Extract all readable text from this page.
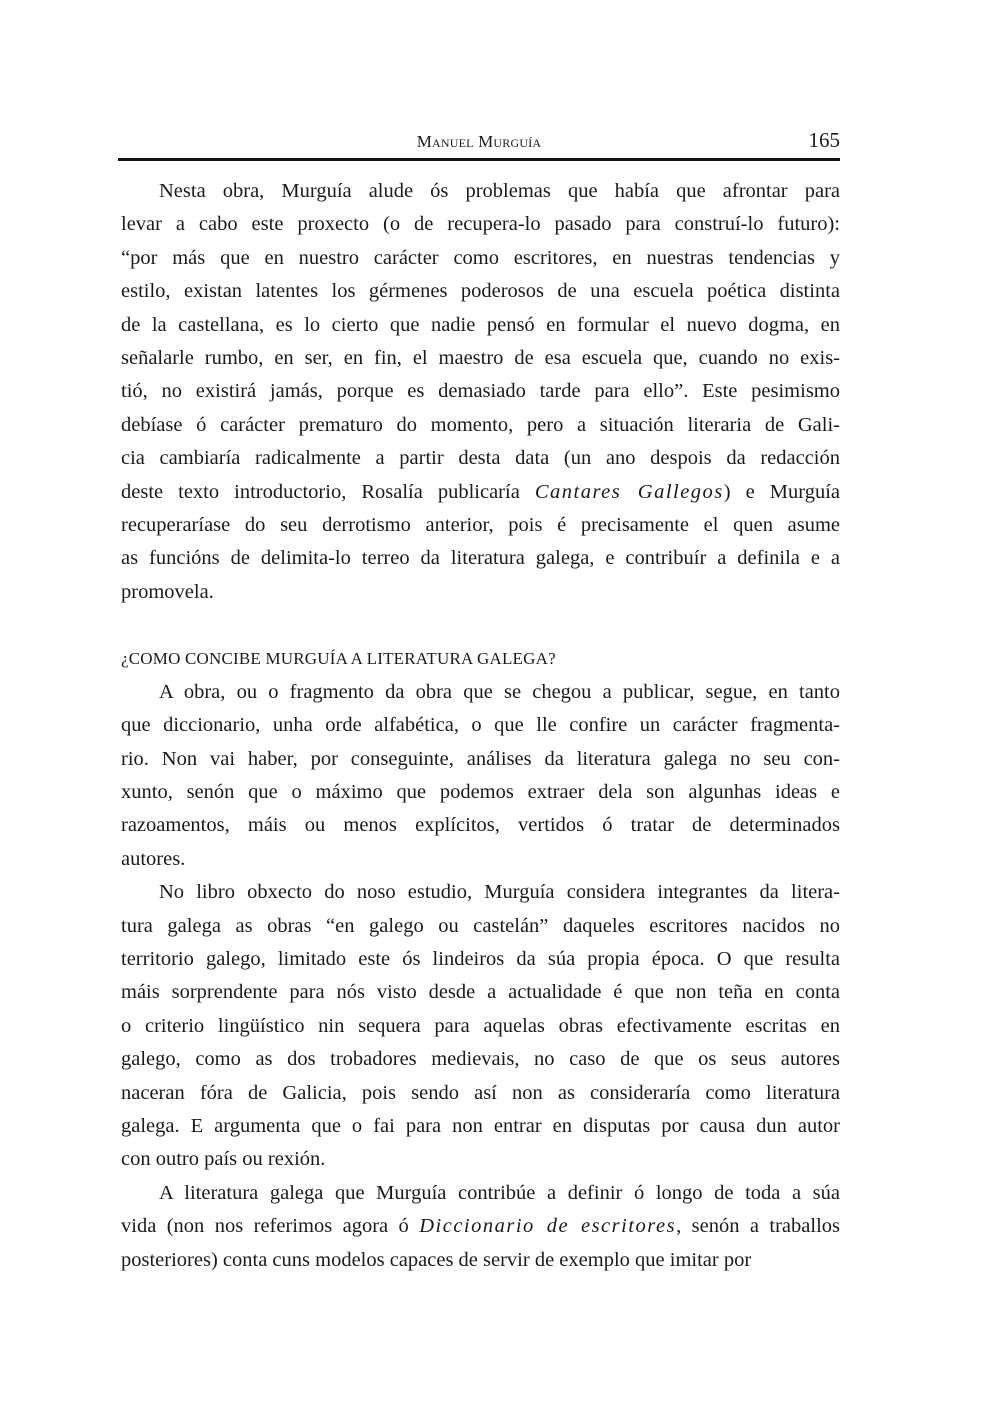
Manuel Murguía	165
Nesta obra, Murguía alude ós problemas que había que afrontar para
levar a cabo este proxecto (o de recupera-lo pasado para construí-lo futuro):
“por más que en nuestro carácter como escritores, en nuestras tendencias y
estilo, existan latentes los gérmenes poderosos de una escuela poética distinta
de la castellana, es lo cierto que nadie pensó en formular el nuevo dogma, en
señalarle rumbo, en ser, en fin, el maestro de esa escuela que, cuando no exis-
tió, no existirá jamás, porque es demasiado tarde para ello”. Este pesimismo
debíase ó carácter prematuro do momento, pero a situación literaria de Gali-
cia cambiaría radicalmente a partir desta data (un ano despois da redacción
deste texto introductorio, Rosalía publicaría Cantares Gallegos) e Murguía
recuperaríase do seu derrotismo anterior, pois é precisamente el quen asume
as funcións de delimita-lo terreo da literatura galega, e contribuír a definila e a
promovela.
¿COMO CONCIBE MURGUÍA A LITERATURA GALEGA?
A obra, ou o fragmento da obra que se chegou a publicar, segue, en tanto
que diccionario, unha orde alfabética, o que lle confire un carácter fragmenta-
rio. Non vai haber, por conseguinte, análises da literatura galega no seu con-
xunto, senón que o máximo que podemos extraer dela son algunhas ideas e
razoamentos, máis ou menos explícitos, vertidos ó tratar de determinados
autores.
No libro obxecto do noso estudio, Murguía considera integrantes da litera-
tura galega as obras “en galego ou castelán” daqueles escritores nacidos no
territorio galego, limitado este ós lindeiros da súa propia época. O que resulta
máis sorprendente para nós visto desde a actualidade é que non teña en conta
o criterio lingüístico nin sequera para aquelas obras efectivamente escritas en
galego, como as dos trobadores medievais, no caso de que os seus autores
naceran fóra de Galicia, pois sendo así non as consideraría como literatura
galega. E argumenta que o fai para non entrar en disputas por causa dun autor
con outro país ou rexión.
A literatura galega que Murguía contribúe a definir ó longo de toda a súa
vida (non nos referimos agora ó Diccionario de escritores, senón a traballos
posteriores) conta cuns modelos capaces de servir de exemplo que imitar por
